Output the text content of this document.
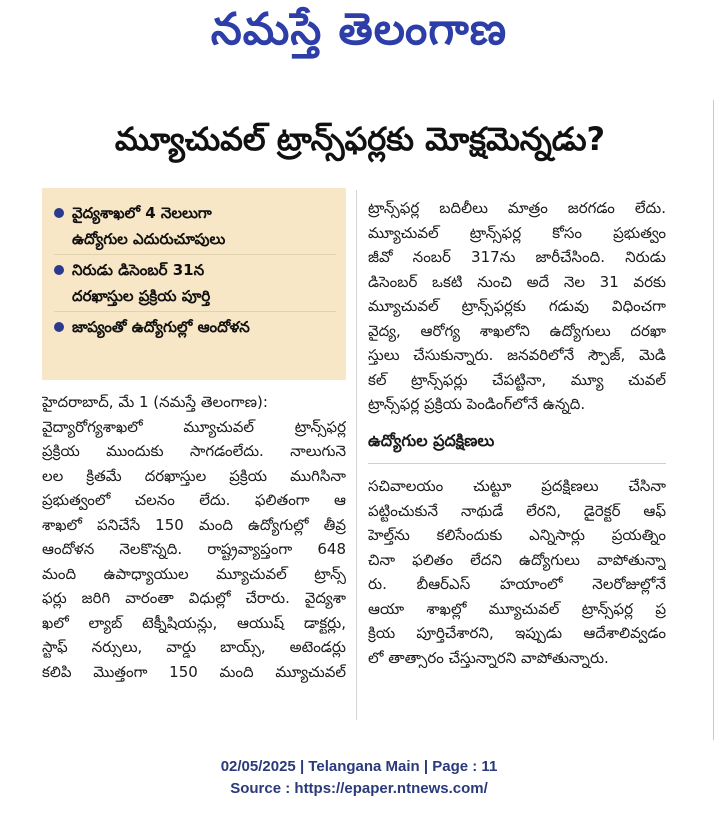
నమస్తే తెలంగాణ
మ్యూచువల్ ట్రాన్స్‌ఫర్లకు మోక్షమెన్నడు?
వైద్యశాఖలో 4 నెలలుగా
ఉద్యోగుల ఎదురుచూపులు
నిరుడు డిసెంబర్ 31న
దరఖాస్తుల ప్రక్రియ పూర్తి
జాప్యంతో ఉద్యోగుల్లో ఆందోళన
హైదరాబాద్, మే 1 (నమస్తే తెలంగాణ):
వైద్యారోగ్యశాఖలో మ్యూచువల్ ట్రాన్స్‌ఫర్ల
ప్రక్రియ ముందుకు సాగడంలేదు. నాలుగునె
లల క్రితమే దరఖాస్తుల ప్రక్రియ ముగిసినా
ప్రభుత్వంలో చలనం లేదు. ఫలితంగా ఆ
శాఖలో పనిచేసే 150 మంది ఉద్యోగుల్లో తీవ్ర
ఆందోళన నెలకొన్నది. రాష్ట్రవ్యాప్తంగా 648
మంది ఉపాధ్యాయుల మ్యూచువల్ ట్రాన్స్
ఫర్లు జరిగి వారంతా విధుల్లో చేరారు. వైద్యశా
ఖలో ల్యాబ్ టెక్నీషియన్లు, ఆయుష్ డాక్టర్లు,
స్టాఫ్ నర్సులు, వార్డు బాయ్స్, అటెండర్లు
కలిపి మొత్తంగా 150 మంది మ్యూచువల్
ట్రాన్స్‌ఫర్ల బదిలీలు మాత్రం జరగడం లేదు.
మ్యూచువల్ ట్రాన్స్‌ఫర్ల కోసం ప్రభుత్వం
జీవో నంబర్ 317ను జారీచేసింది. నిరుడు
డిసెంబర్ ఒకటి నుంచి అదే నెల 31 వరకు
మ్యూచువల్ ట్రాన్స్‌ఫర్లకు గడువు విధించగా
వైద్య, ఆరోగ్య శాఖలోని ఉద్యోగులు దరఖా
స్తులు చేసుకున్నారు. జనవరిలోనే స్పౌజ్, మెడి
కల్ ట్రాన్స్‌ఫర్లు చేపట్టినా, మ్యూ చువల్
ట్రాన్స్‌ఫర్ల ప్రక్రియ పెండింగ్‌లోనే ఉన్నది.
ఉద్యోగుల ప్రదక్షిణలు
సచివాలయం చుట్టూ ప్రదక్షిణలు చేసినా
పట్టించుకునే నాథుడే లేరని, డైరెక్టర్ ఆఫ్
హెల్త్‌ను కలిసేందుకు ఎన్నిసార్లు ప్రయత్నిం
చినా ఫలితం లేదని ఉద్యోగులు వాపోతున్నా
రు. బీఆర్ఎస్ హయాంలో నెలరోజుల్లోనే
ఆయా శాఖల్లో మ్యూచువల్ ట్రాన్స్‌ఫర్ల ప్ర
క్రియ పూర్తిచేశారని, ఇప్పుడు ఆదేశాలివ్వడం
లో తాత్సారం చేస్తున్నారని వాపోతున్నారు.
02/05/2025 | Telangana Main | Page : 11
Source : https://epaper.ntnews.com/
